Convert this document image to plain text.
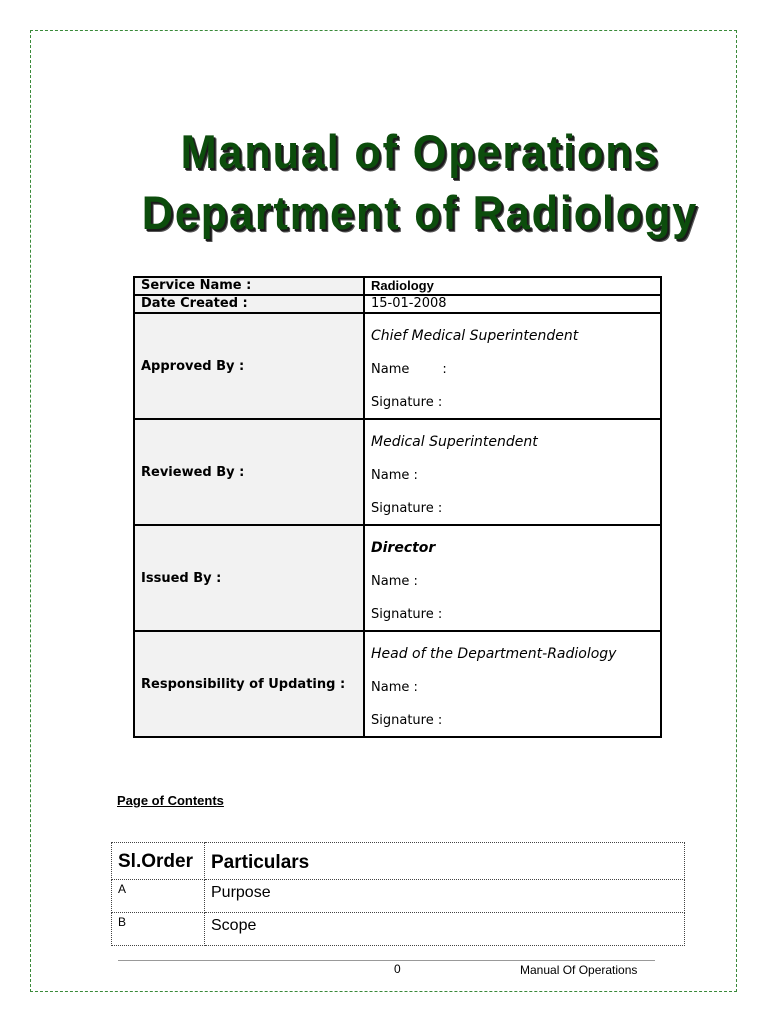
Manual of Operations
Department of Radiology
Service Name :	Radiology
Date Created :	15-01-2008
Approved By :	Chief Medical Superintendent
Name        :
Signature :

Reviewed By :	Medical Superintendent
Name :
Signature :

Issued By :	Director
Name :
Signature :

Responsibility of Updating :	Head of the Department-Radiology
Name :
Signature :
Page of Contents
Sl.Order	Particulars
A	Purpose
B	Scope
0	Manual Of Operations
